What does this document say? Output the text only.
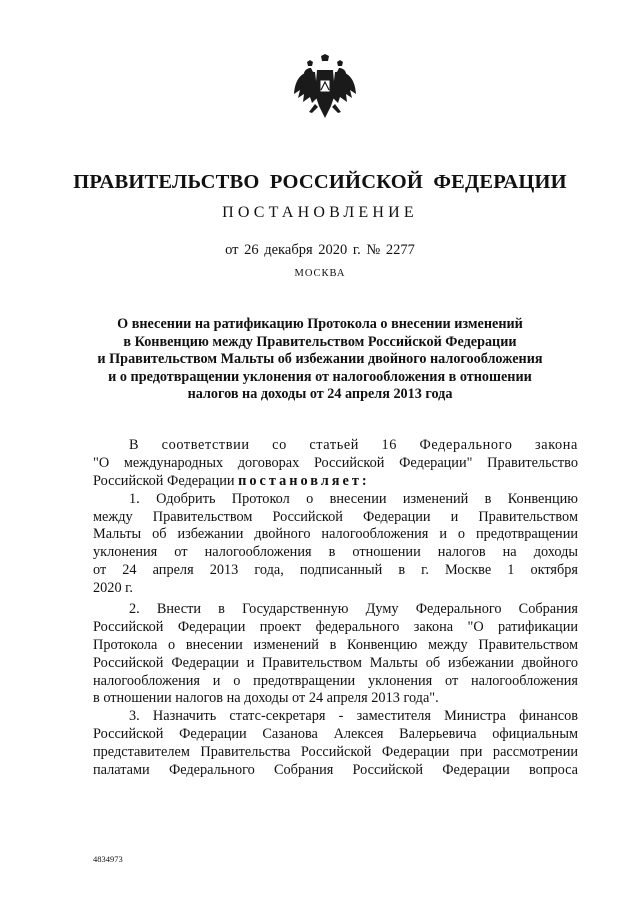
ПРАВИТЕЛЬСТВО РОССИЙСКОЙ ФЕДЕРАЦИИ
ПОСТАНОВЛЕНИЕ
от 26 декабря 2020 г. № 2277
МОСКВА
О внесении на ратификацию Протокола о внесении изменений
в Конвенцию между Правительством Российской Федерации
и Правительством Мальты об избежании двойного налогообложения
и о предотвращении уклонения от налогообложения в отношении
налогов на доходы от 24 апреля 2013 года
В соответствии со статьей 16 Федерального закона
"О международных договорах Российской Федерации" Правительство
Российской Федерации постановляет:
1. Одобрить Протокол о внесении изменений в Конвенцию
между Правительством Российской Федерации и Правительством
Мальты об избежании двойного налогообложения и о предотвращении
уклонения от налогообложения в отношении налогов на доходы
от 24 апреля 2013 года, подписанный в г. Москве 1 октября
2020 г.
2. Внести в Государственную Думу Федерального Собрания
Российской Федерации проект федерального закона "О ратификации
Протокола о внесении изменений в Конвенцию между Правительством
Российской Федерации и Правительством Мальты об избежании двойного
налогообложения и о предотвращении уклонения от налогообложения
в отношении налогов на доходы от 24 апреля 2013 года".
3. Назначить статс-секретаря - заместителя Министра финансов
Российской Федерации Сазанова Алексея Валерьевича официальным
представителем Правительства Российской Федерации при рассмотрении
палатами Федерального Собрания Российской Федерации вопроса
4834973
